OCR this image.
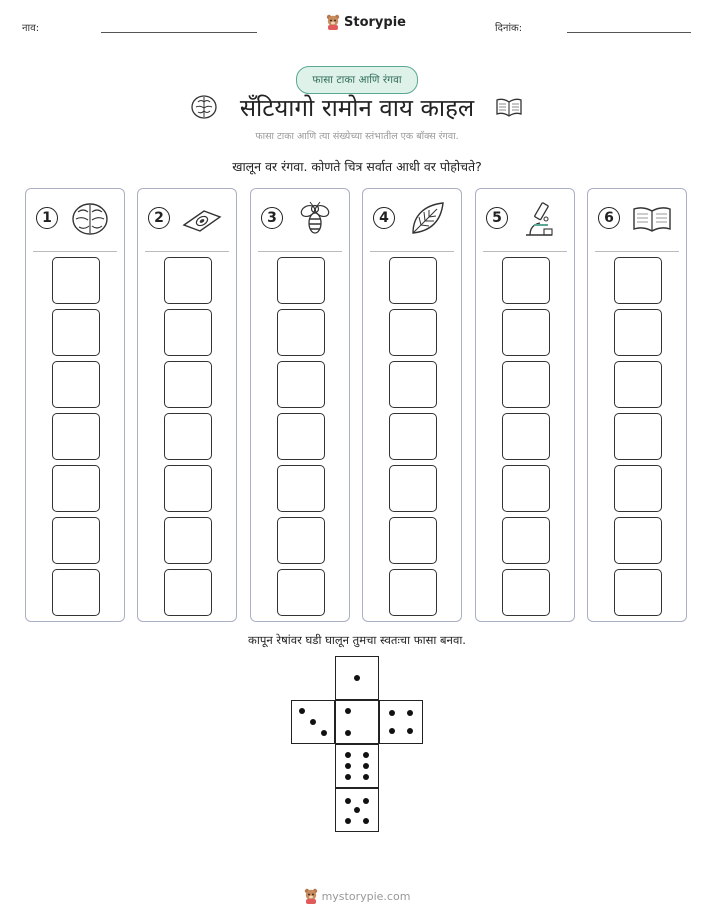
नाव:	Storypie	दिनांक:
फासा टाका आणि रंगवा
सँटियागो रामोन वाय काहल
फासा टाका आणि त्या संख्येच्या स्तंभातील एक बॉक्स रंगवा.
खालून वर रंगवा. कोणते चित्र सर्वात आधी वर पोहोचते?
1	2	3	4	5	6
कापून रेषांवर घडी घालून तुमचा स्वतःचा फासा बनवा.
mystorypie.com
